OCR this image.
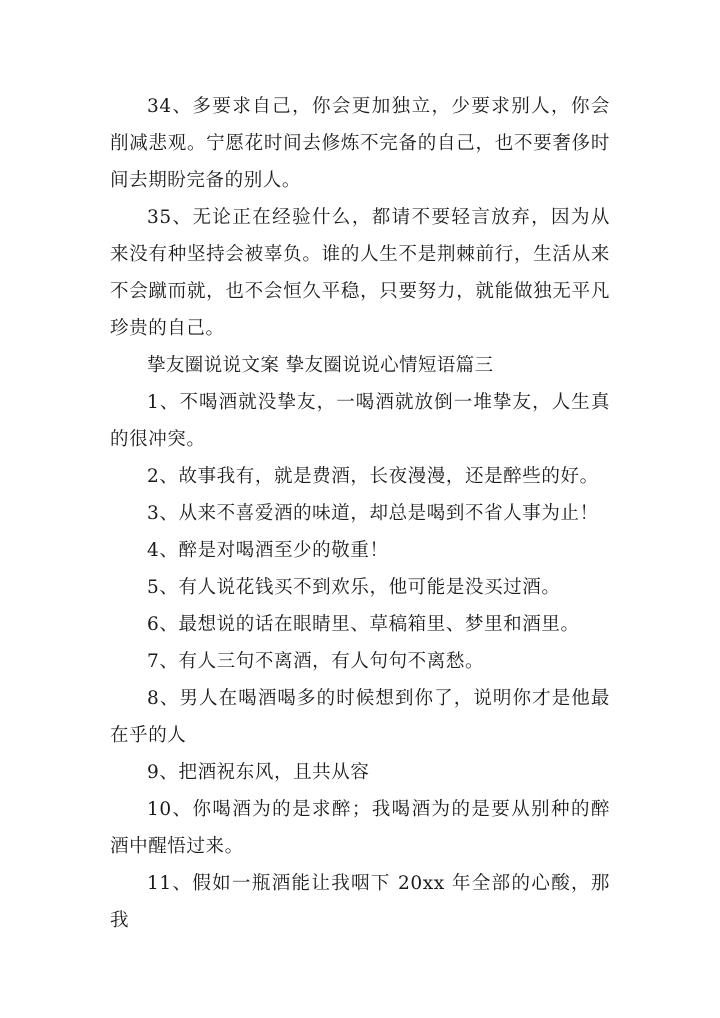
34、多要求自己，你会更加独立，少要求别人，你会削减悲观。宁愿花时间去修炼不完备的自己，也不要奢侈时间去期盼完备的别人。

35、无论正在经验什么，都请不要轻言放弃，因为从来没有种坚持会被辜负。谁的人生不是荆棘前行，生活从来不会蹴而就，也不会恒久平稳，只要努力，就能做独无平凡珍贵的自己。

挚友圈说说文案 挚友圈说说心情短语篇三

1、不喝酒就没挚友，一喝酒就放倒一堆挚友，人生真的很冲突。

2、故事我有，就是费酒，长夜漫漫，还是醉些的好。

3、从来不喜爱酒的味道，却总是喝到不省人事为止！

4、醉是对喝酒至少的敬重！

5、有人说花钱买不到欢乐，他可能是没买过酒。

6、最想说的话在眼睛里、草稿箱里、梦里和酒里。

7、有人三句不离酒，有人句句不离愁。

8、男人在喝酒喝多的时候想到你了，说明你才是他最在乎的人

9、把酒祝东风，且共从容

10、你喝酒为的是求醉；我喝酒为的是要从别种的醉酒中醒悟过来。

11、假如一瓶酒能让我咽下 20xx 年全部的心酸，那我
